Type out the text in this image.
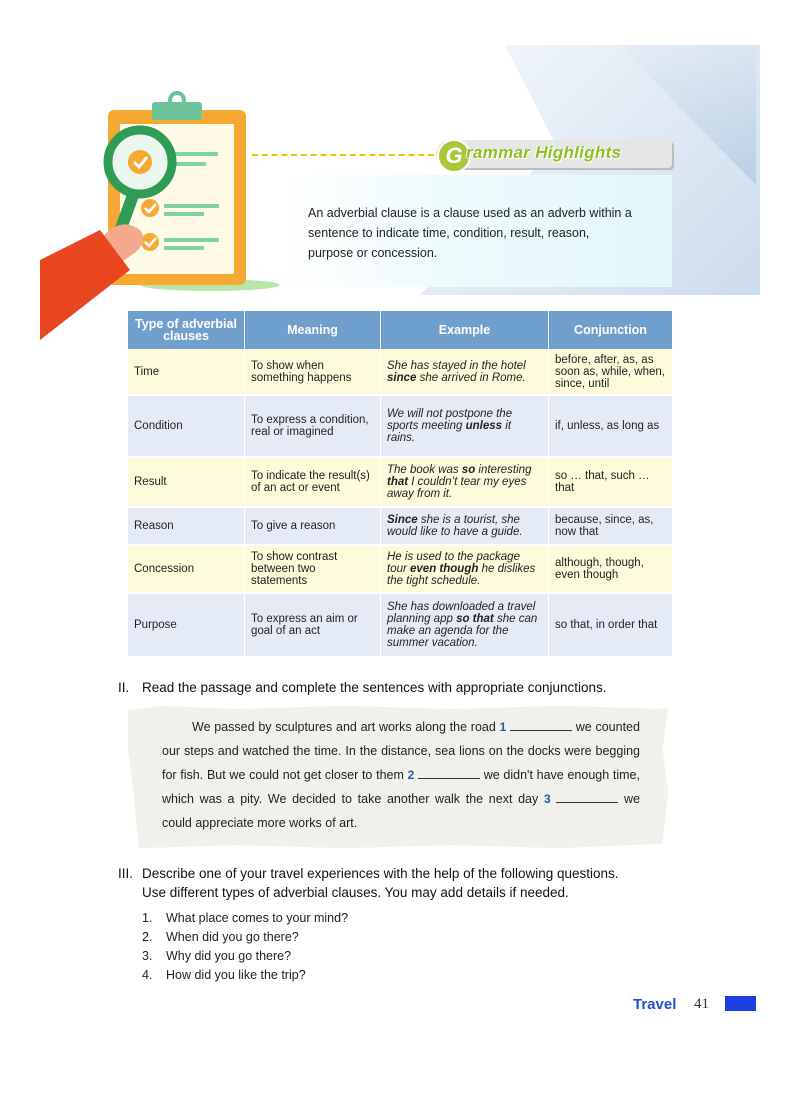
G rammar Highlights
An adverbial clause is a clause used as an adverb within a sentence to indicate time, condition, result, reason, purpose or concession.
Type of adverbial clauses	Meaning	Example	Conjunction
Time	To show when something happens	She has stayed in the hotel since she arrived in Rome.	before, after, as, as soon as, while, when, since, until
Condition	To express a condition, real or imagined	We will not postpone the sports meeting unless it rains.	if, unless, as long as
Result	To indicate the result(s) of an act or event	The book was so interesting that I couldn’t tear my eyes away from it.	so … that, such … that
Reason	To give a reason	Since she is a tourist, she would like to have a guide.	because, since, as, now that
Concession	To show contrast between two statements	He is used to the package tour even though he dislikes the tight schedule.	although, though, even though
Purpose	To express an aim or goal of an act	She has downloaded a travel planning app so that she can make an agenda for the summer vacation.	so that, in order that
II. Read the passage and complete the sentences with appropriate conjunctions.
We passed by sculptures and art works along the road 1	we counted our steps and watched the time. In the distance, sea lions on the docks were begging for fish. But we could not get closer to them 2	we didn't have enough time, which was a pity. We decided to take another walk the next day 3	we could appreciate more works of art.
III. Describe one of your travel experiences with the help of the following questions.
Use different types of adverbial clauses. You may add details if needed.
1. What place comes to your mind?
2. When did you go there?
3. Why did you go there?
4. How did you like the trip?
Travel 41
